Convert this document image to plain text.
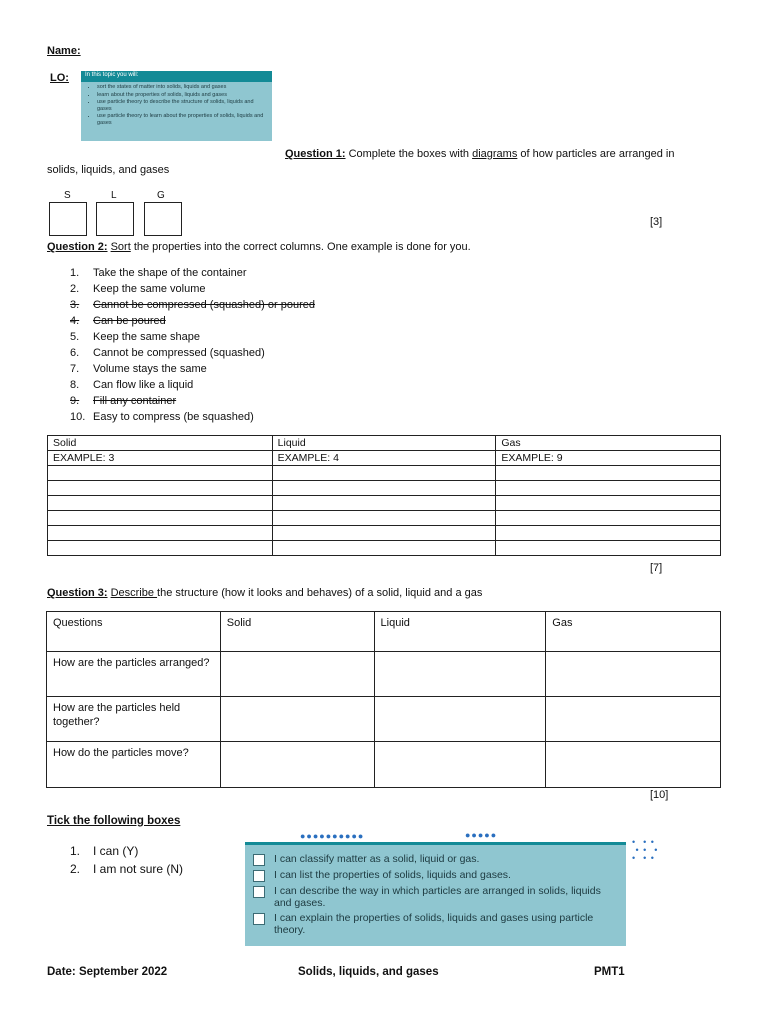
Name:
LO:	In this topic you will:
• sort the states of matter into solids, liquids and gases
• learn about the properties of solids, liquids and gases
• use particle theory to describe the structure of solids, liquids and gases
• use particle theory to learn about the properties of solids, liquids and gases
Question 1: Complete the boxes with diagrams of how particles are arranged in
solids, liquids, and gases
S	L	G
[3]
Question 2: Sort the properties into the correct columns. One example is done for you.
1.	Take the shape of the container
2.	Keep the same volume
3.	Cannot be compressed (squashed) or poured
4.	Can be poured
5.	Keep the same shape
6.	Cannot be compressed (squashed)
7.	Volume stays the same
8.	Can flow like a liquid
9.	Fill any container
10. Easy to compress (be squashed)
Solid	Liquid	Gas
EXAMPLE: 3	EXAMPLE: 4	EXAMPLE: 9

[7]
Question 3: Describe the structure (how it looks and behaves) of a solid, liquid and a gas
Questions	Solid	Liquid	Gas
How are the particles arranged?			
How are the particles held together?			
How do the particles move?			
[10]
Tick the following boxes
1.	I can (Y)
2.	I am not sure (N)
●●●●●●●●●●	●●●●●
•  • •
• •  •
•  • •
I can classify matter as a solid, liquid or gas.
I can list the properties of solids, liquids and gases.
I can describe the way in which particles are arranged in solids, liquids and gases.
I can explain the properties of solids, liquids and gases using particle theory.
Date: September 2022	Solids, liquids, and gases	PMT1
